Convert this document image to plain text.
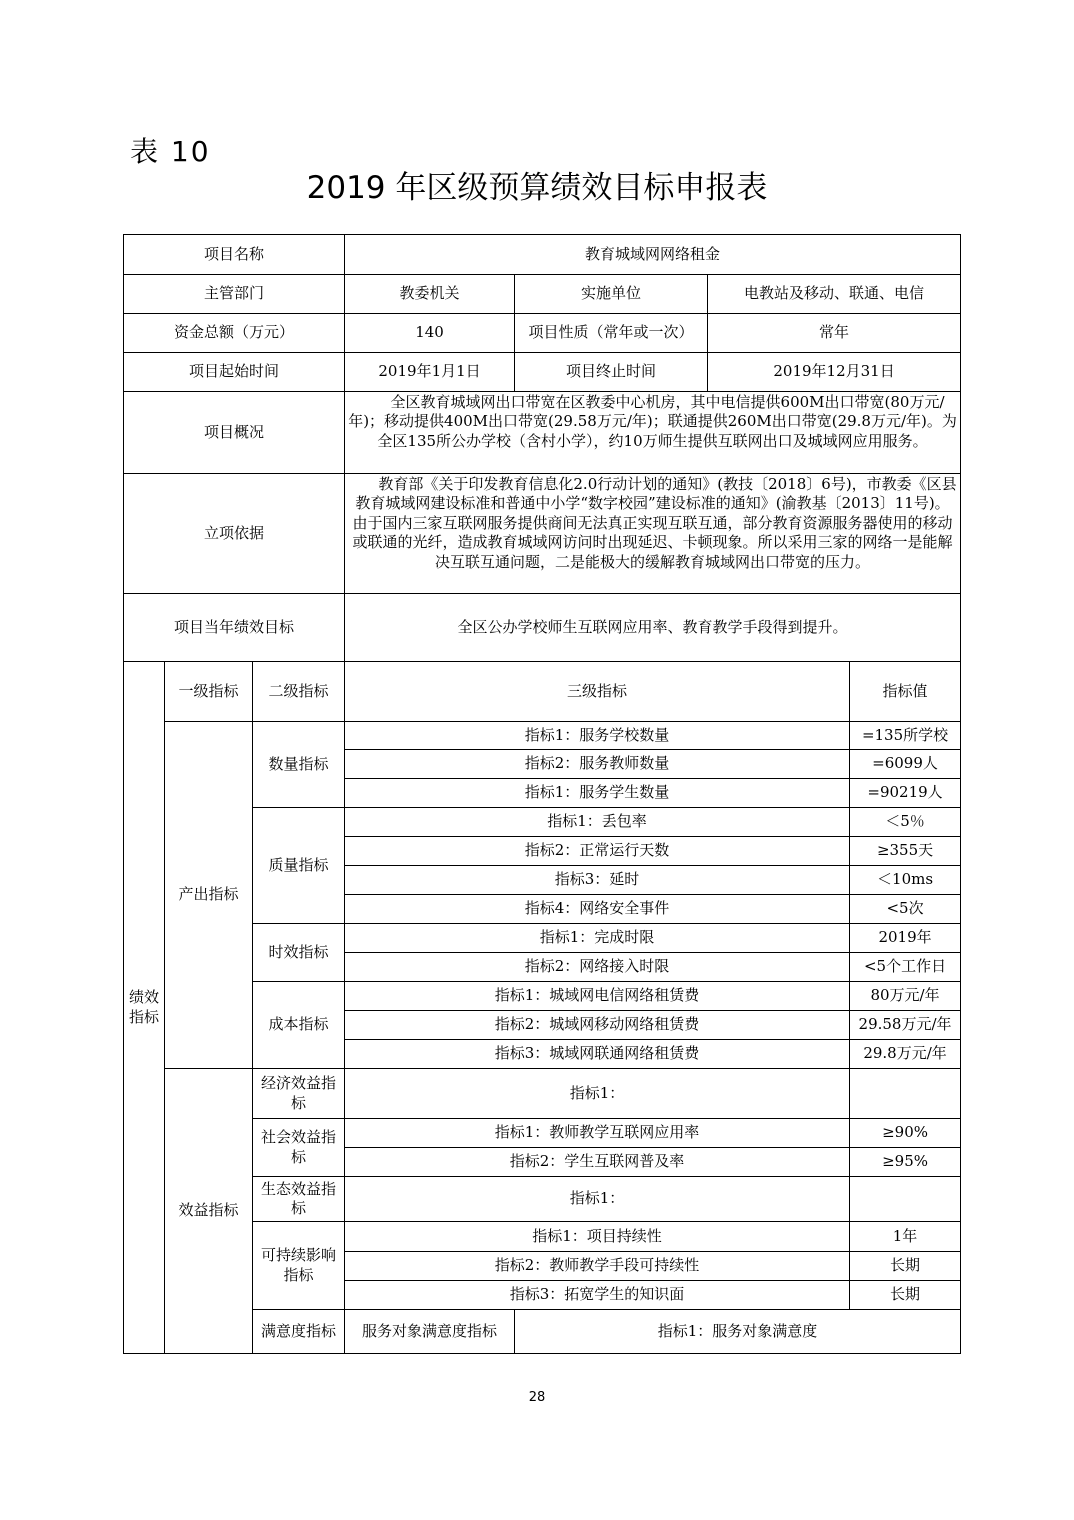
表 10
2019 年区级预算绩效目标申报表
项目名称			教育城域网网络租金				
主管部门			教委机关	实施单位	电教站及移动、联通、电信		
资金总额（万元）			140	项目性质（常年或一次）	常年		
项目起始时间			2019年1月1日	项目终止时间	2019年12月31日		
项目概况			全区教育城域网出口带宽在区教委中心机房，其中电信提供600M出口带宽(80万元/年)；移动提供400M出口带宽(29.58万元/年)；联通提供260M出口带宽(29.8万元/年)。为全区135所公办学校（含村小学），约10万师生提供互联网出口及城域网应用服务。				

立项依据			教育部《关于印发教育信息化2.0行动计划的通知》(教技〔2018〕6号)，市教委《区县教育城域网建设标准和普通中小学“数字校园”建设标准的通知》(渝教基〔2013〕11号)。由于国内三家互联网服务提供商间无法真正实现互联互通，部分教育资源服务器使用的移动或联通的光纤，造成教育城域网访问时出现延迟、卡顿现象。所以采用三家的网络一是能解决互联互通问题，二是能极大的缓解教育城域网出口带宽的压力。				

项目当年绩效目标			全区公办学校师生互联网应用率、教育教学手段得到提升。				
绩效指标	一级指标	二级指标	三级指标			指标值	
	产出指标	数量指标	指标1：服务学校数量			=135所学校	
			指标2：服务教师数量			=6099人	
			指标1：服务学生数量			=90219人	
		质量指标	指标1：丢包率			＜5％	
			指标2：正常运行天数			≥355天	
			指标3：延时			＜10ms	
			指标4：网络安全事件			<5次	
		时效指标	指标1：完成时限			2019年	
			指标2：网络接入时限			<5个工作日	
		成本指标	指标1：城域网电信网络租赁费			80万元/年	
			指标2：城域网移动网络租赁费			29.58万元/年	
			指标3：城域网联通网络租赁费			29.8万元/年	
	效益指标	经济效益指标	指标1：				
		社会效益指标	指标1：教师教学互联网应用率			≥90%	
			指标2：学生互联网普及率			≥95%	
		生态效益指标	指标1：				
		可持续影响指标	指标1：项目持续性			1年	
			指标2：教师教学手段可持续性			长期	
			指标3：拓宽学生的知识面			长期	
		满意度指标	服务对象满意度指标	指标1：服务对象满意度	
28
